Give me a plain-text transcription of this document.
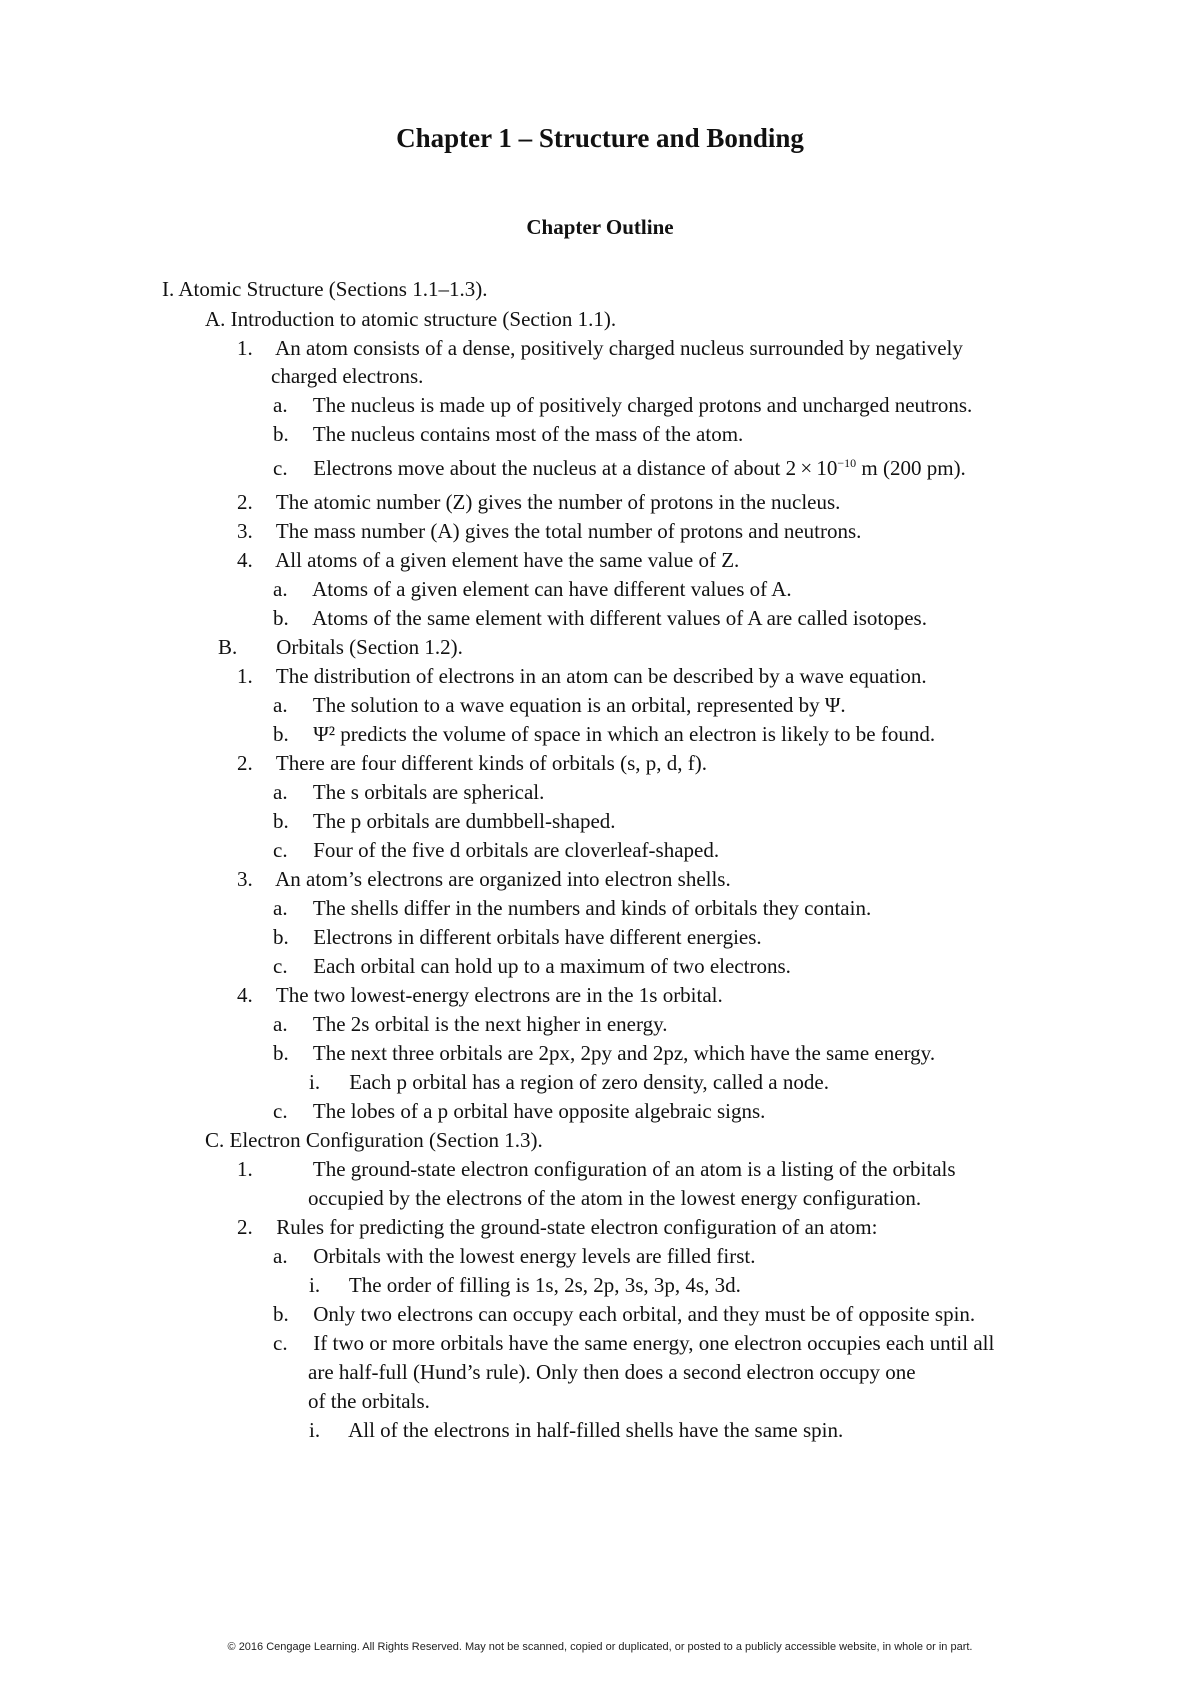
Chapter 1 – Structure and Bonding
Chapter Outline
I. Atomic Structure (Sections 1.1–1.3).
A. Introduction to atomic structure (Section 1.1).
1. An atom consists of a dense, positively charged nucleus surrounded by negatively
charged electrons.
a. The nucleus is made up of positively charged protons and uncharged neutrons.
b. The nucleus contains most of the mass of the atom.
c. Electrons move about the nucleus at a distance of about $2 \times 10^{-10}$ m (200 pm).
2. The atomic number (Z) gives the number of protons in the nucleus.
3. The mass number (A) gives the total number of protons and neutrons.
4. All atoms of a given element have the same value of Z.
a. Atoms of a given element can have different values of A.
b. Atoms of the same element with different values of A are called isotopes.
B. Orbitals (Section 1.2).
1. The distribution of electrons in an atom can be described by a wave equation.
a. The solution to a wave equation is an orbital, represented by Ψ.
b. Ψ² predicts the volume of space in which an electron is likely to be found.
2. There are four different kinds of orbitals (s, p, d, f).
a. The s orbitals are spherical.
b. The p orbitals are dumbbell-shaped.
c. Four of the five d orbitals are cloverleaf-shaped.
3. An atom’s electrons are organized into electron shells.
a. The shells differ in the numbers and kinds of orbitals they contain.
b. Electrons in different orbitals have different energies.
c. Each orbital can hold up to a maximum of two electrons.
4. The two lowest-energy electrons are in the 1s orbital.
a. The 2s orbital is the next higher in energy.
b. The next three orbitals are 2px, 2py and 2pz, which have the same energy.
i. Each p orbital has a region of zero density, called a node.
c. The lobes of a p orbital have opposite algebraic signs.
C. Electron Configuration (Section 1.3).
1.	The ground-state electron configuration of an atom is a listing of the orbitals
occupied by the electrons of the atom in the lowest energy configuration.
2. Rules for predicting the ground-state electron configuration of an atom:
a. Orbitals with the lowest energy levels are filled first.
i. The order of filling is 1s, 2s, 2p, 3s, 3p, 4s, 3d.
b. Only two electrons can occupy each orbital, and they must be of opposite spin.
c. If two or more orbitals have the same energy, one electron occupies each until all
are half-full (Hund’s rule). Only then does a second electron occupy one
of the orbitals.
i. All of the electrons in half-filled shells have the same spin.
© 2016 Cengage Learning. All Rights Reserved. May not be scanned, copied or duplicated, or posted to a publicly accessible website, in whole or in part.
